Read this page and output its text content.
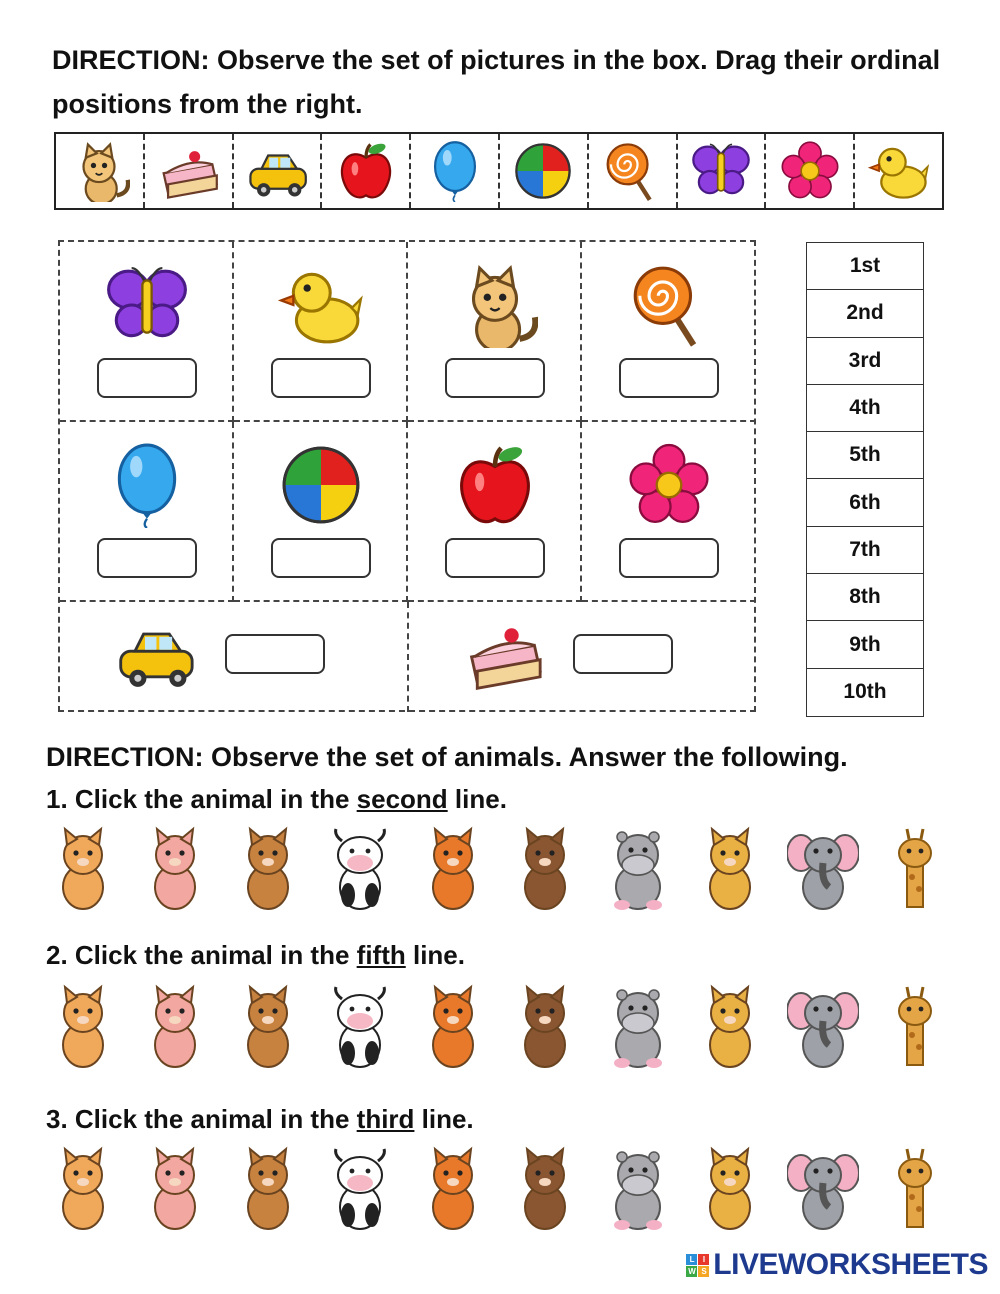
DIRECTION: Observe the set of pictures in the box. Drag their ordinal positions from the right.

1st
2nd
3rd
4th
5th
6th
7th
8th
9th
10th

DIRECTION: Observe the set of animals. Answer the following.

1. Click the animal in the second line.

2. Click the animal in the fifth line.

3. Click the animal in the third line.

L	I
W S LIVEWORKSHEETS
